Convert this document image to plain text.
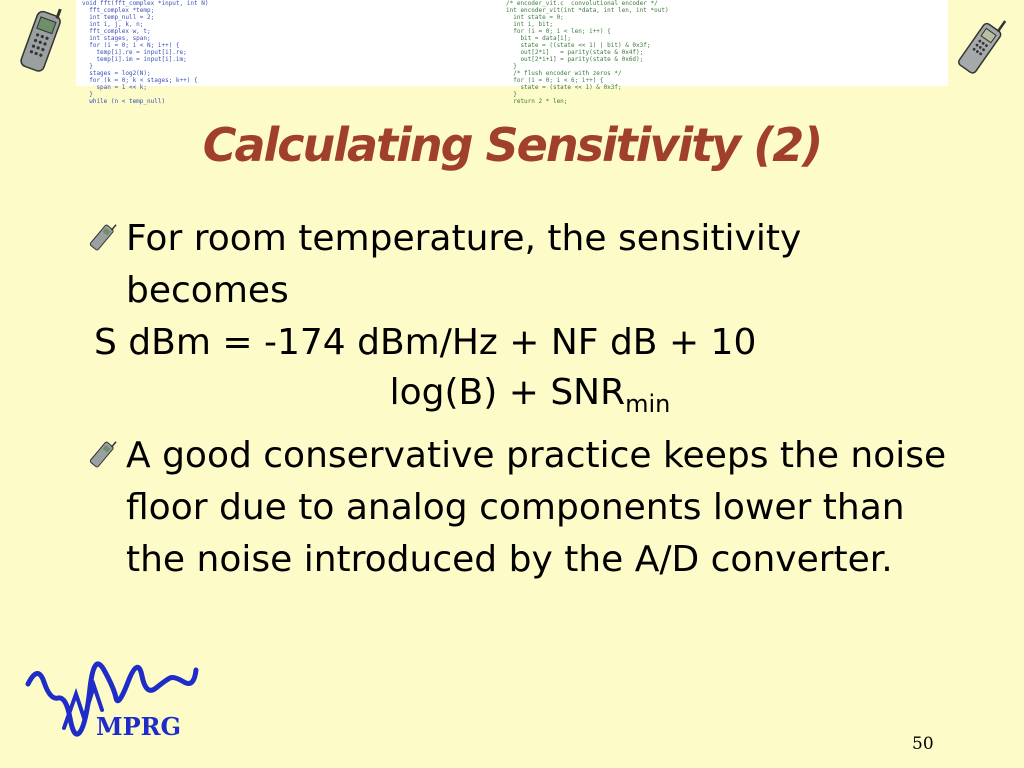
void fft(fft_complex *input, int N)
fft_complex *temp;
int temp_null = 2;
int i, j, k, n;
fft_complex w, t;
int stages, span;
for (i = 0; i < N; i++) {
temp[i].re = input[i].re;
temp[i].im = input[i].im;
}
stages = log2(N);
for (k = 0; k < stages; k++) {
span = 1 << k;
}
while (n < temp_null)
/* encoder_vit.c  convolutional encoder */
int encoder_vit(int *data, int len, int *out)
int state = 0;
int i, bit;
for (i = 0; i < len; i++) {
bit = data[i];
state = ((state << 1) | bit) & 0x3f;
out[2*i]   = parity(state & 0x4f);
out[2*i+1] = parity(state & 0x6d);
}
/* flush encoder with zeros */
for (i = 0; i < 6; i++) {
state = (state << 1) & 0x3f;
}
return 2 * len;
Calculating Sensitivity (2)
For room temperature, the sensitivity becomes
S dBm = -174 dBm/Hz + NF dB + 10
$\log(B) + SNR_{min}$
A good conservative practice keeps the noise floor due to analog components lower than the noise introduced by the A/D converter.
MPRG
50
